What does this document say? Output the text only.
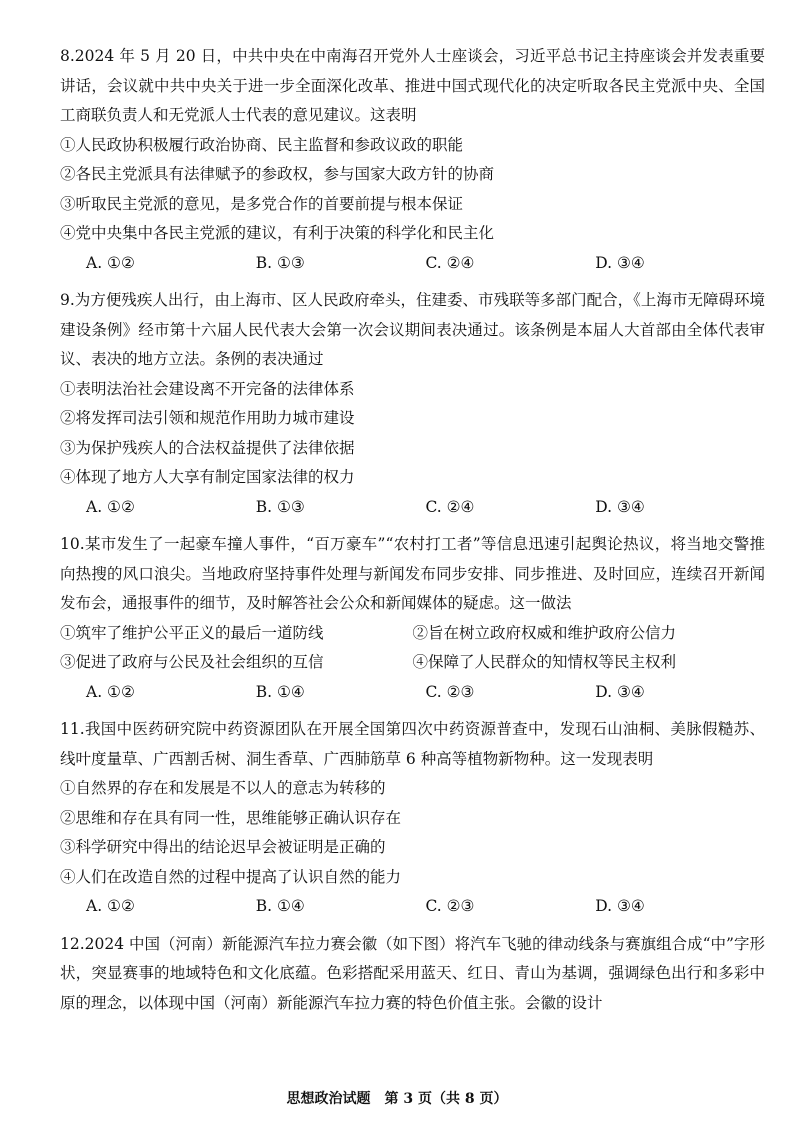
8.2024 年 5 月 20 日，中共中央在中南海召开党外人士座谈会，习近平总书记主持座谈会并发表重要讲话，会议就中共中央关于进一步全面深化改革、推进中国式现代化的决定听取各民主党派中央、全国工商联负责人和无党派人士代表的意见建议。这表明
①人民政协积极履行政治协商、民主监督和参政议政的职能
②各民主党派具有法律赋予的参政权，参与国家大政方针的协商
③听取民主党派的意见，是多党合作的首要前提与根本保证
④党中央集中各民主党派的建议，有利于决策的科学化和民主化
A. ①②	B. ①③	C. ②④	D. ③④
9.为方便残疾人出行，由上海市、区人民政府牵头，住建委、市残联等多部门配合，《上海市无障碍环境建设条例》经市第十六届人民代表大会第一次会议期间表决通过。该条例是本届人大首部由全体代表审议、表决的地方立法。条例的表决通过
①表明法治社会建设离不开完备的法律体系
②将发挥司法引领和规范作用助力城市建设
③为保护残疾人的合法权益提供了法律依据
④体现了地方人大享有制定国家法律的权力
A. ①②	B. ①③	C. ②④	D. ③④
10.某市发生了一起豪车撞人事件，“百万豪车”“农村打工者”等信息迅速引起舆论热议，将当地交警推向热搜的风口浪尖。当地政府坚持事件处理与新闻发布同步安排、同步推进、及时回应，连续召开新闻发布会，通报事件的细节，及时解答社会公众和新闻媒体的疑虑。这一做法
①筑牢了维护公平正义的最后一道防线	②旨在树立政府权威和维护政府公信力
③促进了政府与公民及社会组织的互信	④保障了人民群众的知情权等民主权利
A. ①②	B. ①④	C. ②③	D. ③④
11.我国中医药研究院中药资源团队在开展全国第四次中药资源普查中，发现石山油桐、美脉假糙苏、线叶度量草、广西割舌树、洞生香草、广西肺筋草 6 种高等植物新物种。这一发现表明
①自然界的存在和发展是不以人的意志为转移的
②思维和存在具有同一性，思维能够正确认识存在
③科学研究中得出的结论迟早会被证明是正确的
④人们在改造自然的过程中提高了认识自然的能力
A. ①②	B. ①④	C. ②③	D. ③④
12.2024 中国（河南）新能源汽车拉力赛会徽（如下图）将汽车飞驰的律动线条与赛旗组合成“中”字形状，突显赛事的地域特色和文化底蕴。色彩搭配采用蓝天、红日、青山为基调，强调绿色出行和多彩中原的理念，以体现中国（河南）新能源汽车拉力赛的特色价值主张。会徽的设计
思想政治试题　第 3 页（共 8 页）
